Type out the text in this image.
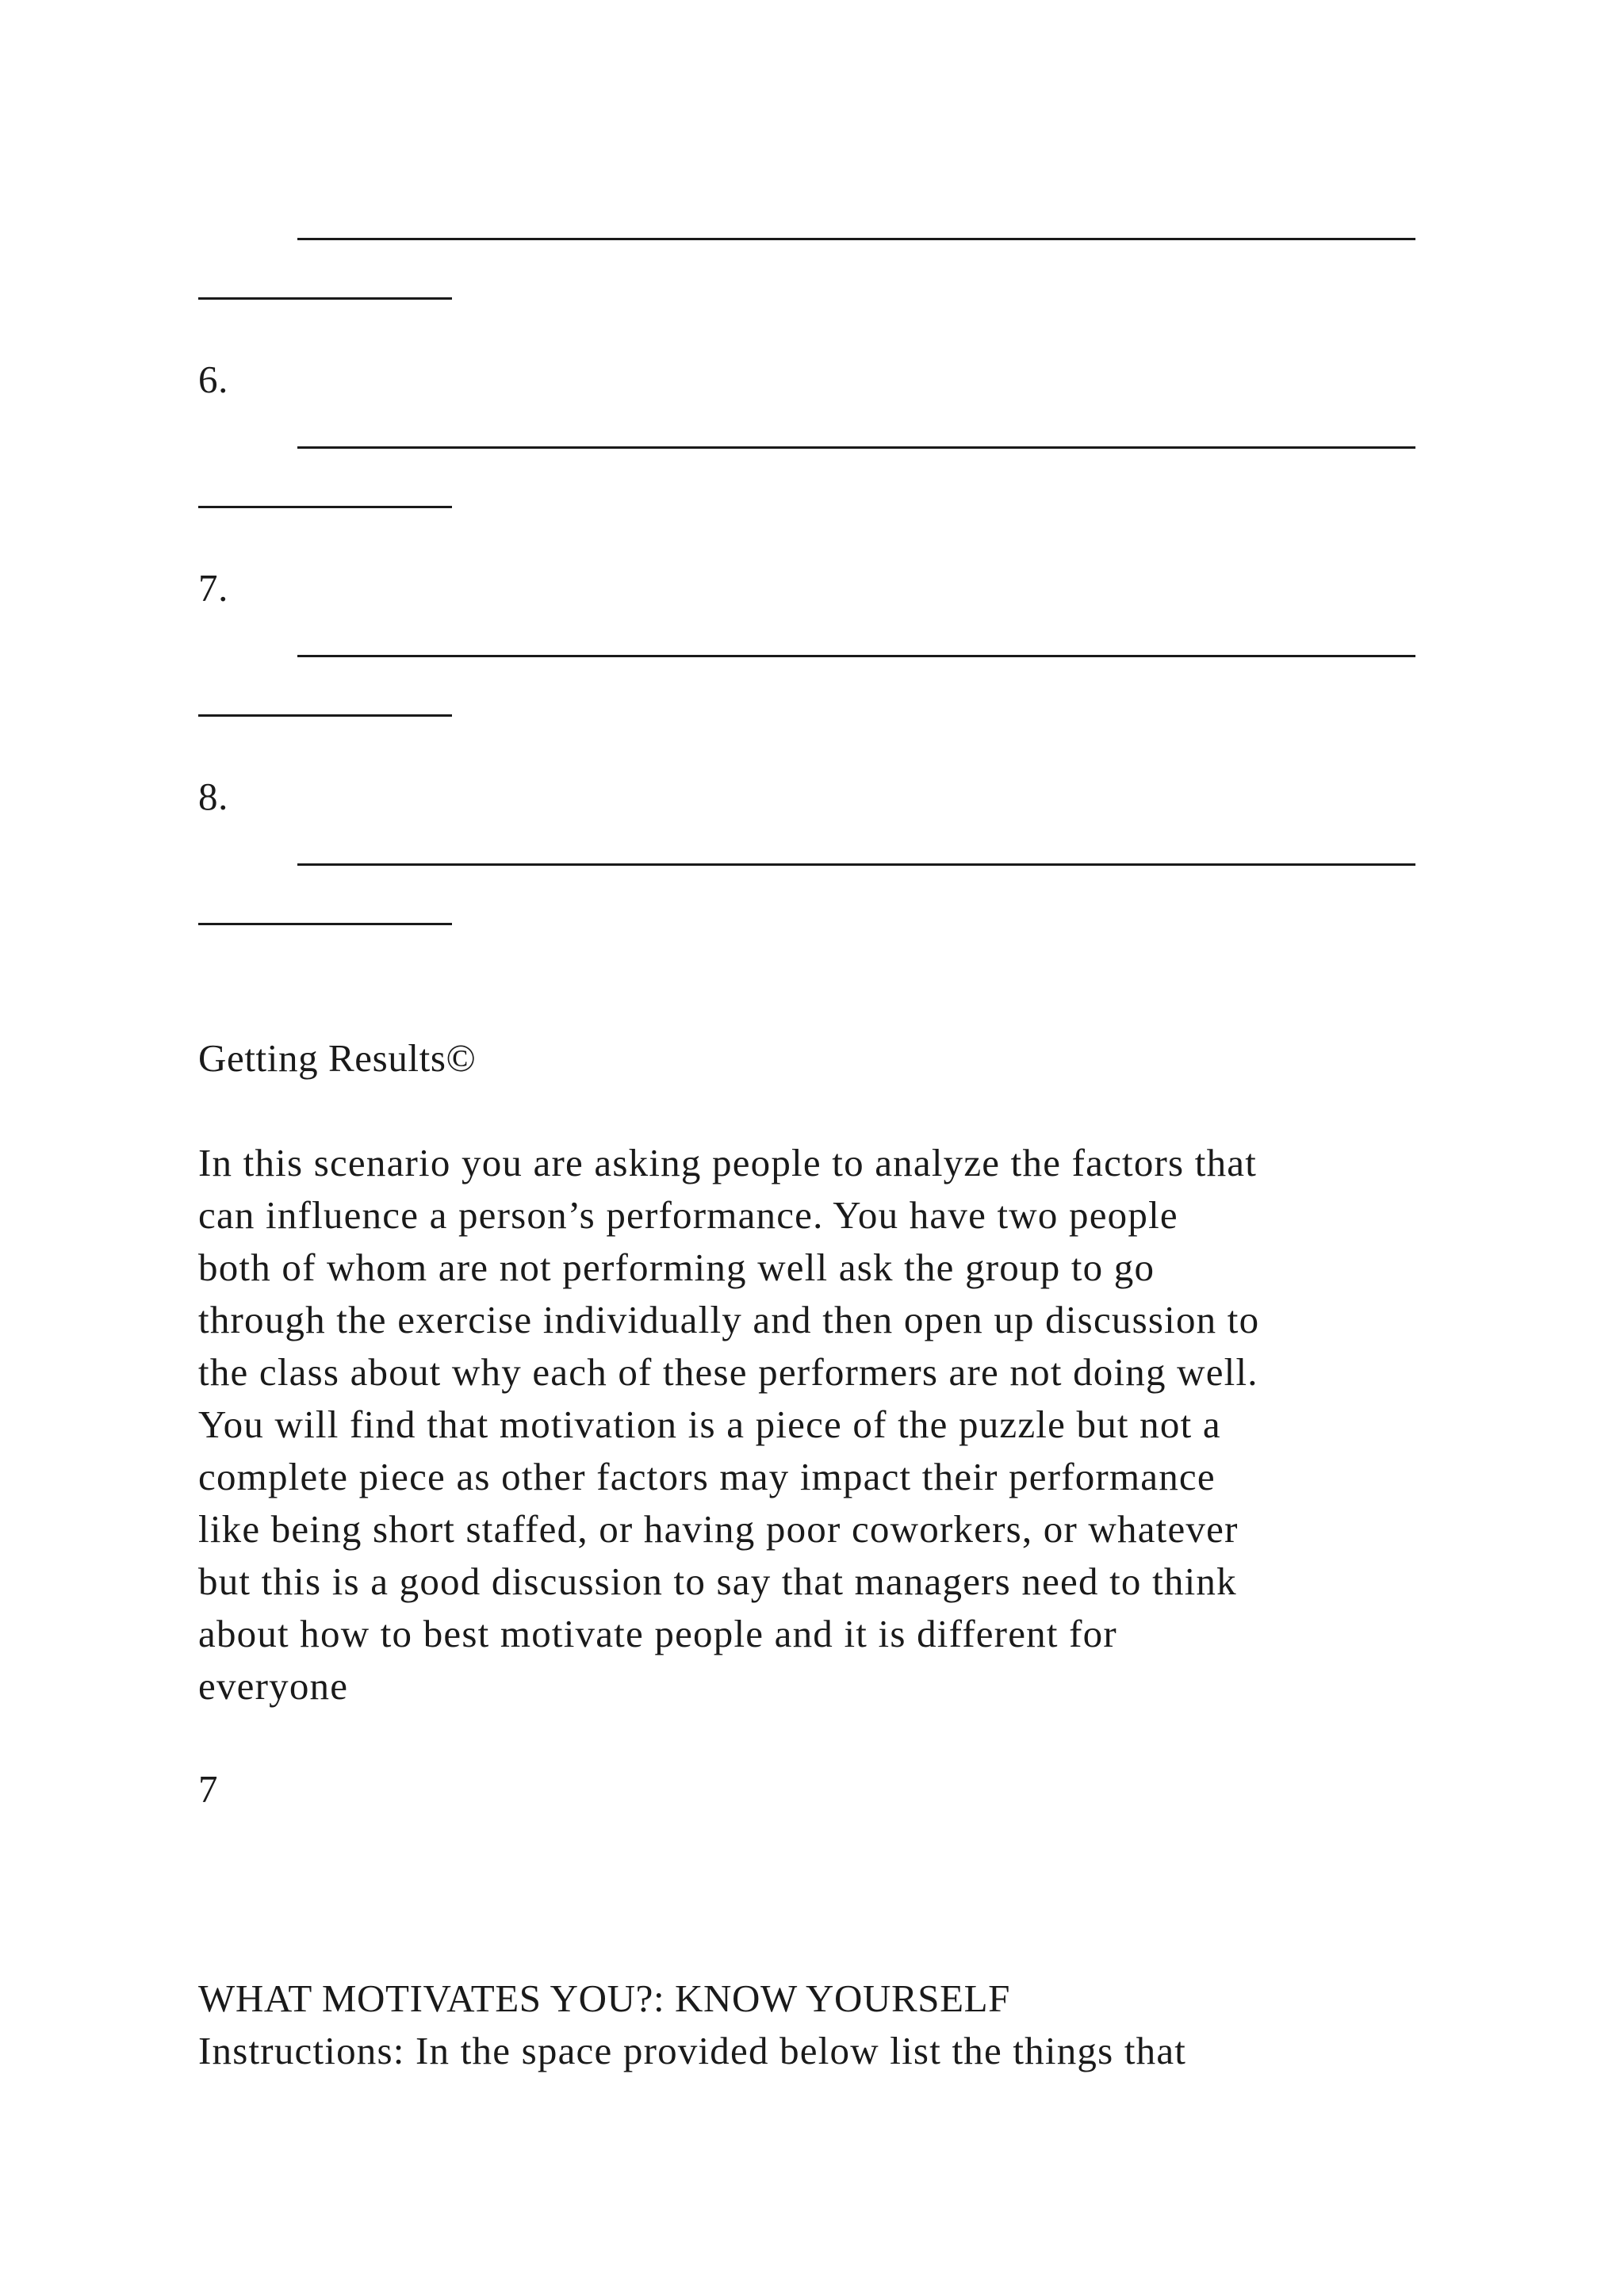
6.
7.
8.
Getting Results©
In this scenario you are asking people to analyze the factors that
can influence a person’s performance. You have two people
both of whom are not performing well ask the group to go
through the exercise individually and then open up discussion to
the class about why each of these performers are not doing well.
You will find that motivation is a piece of the puzzle but not a
complete piece as other factors may impact their performance
like being short staffed, or having poor coworkers, or whatever
but this is a good discussion to say that managers need to think
about how to best motivate people and it is different for
everyone
7
WHAT MOTIVATES YOU?: KNOW YOURSELF
Instructions: In the space provided below list the things that
